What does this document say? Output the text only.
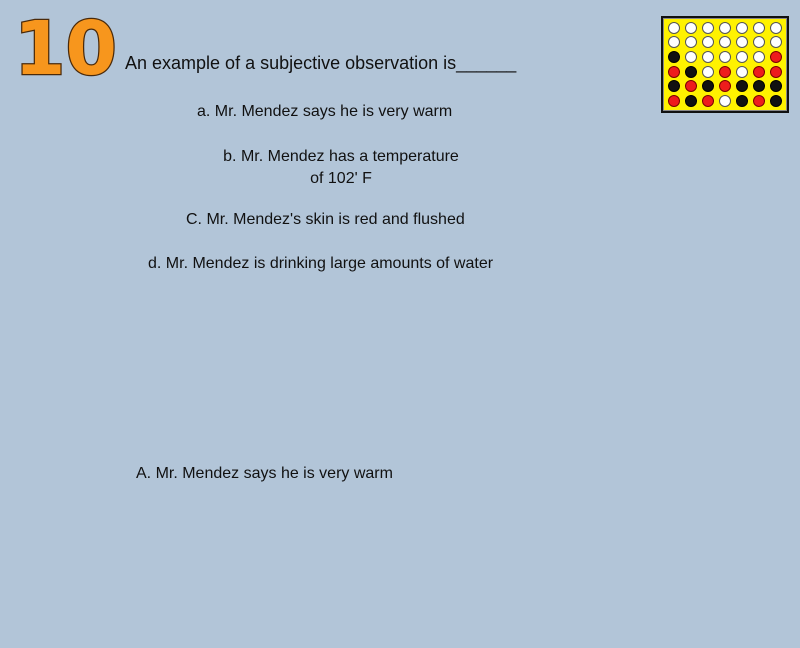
10 An example of a subjective observation is______
a. Mr. Mendez says he is very warm
b. Mr. Mendez has a temperature
of 102' F
C. Mr. Mendez's skin is red and flushed
d. Mr. Mendez is drinking large amounts of water
A. Mr. Mendez says he is very warm
